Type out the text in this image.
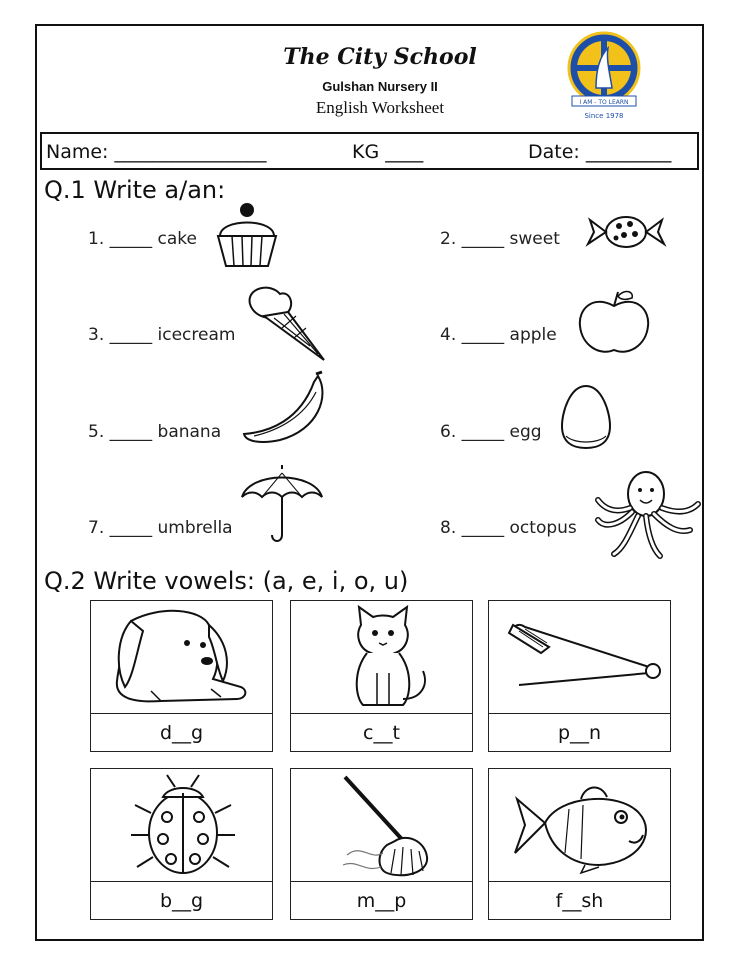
The City School
Gulshan Nursery II
English Worksheet	I AM - TO LEARN
Since 1978
Name: ________________	KG ____	Date: _________
Q.1 Write a/an:
1. _____ cake	2. _____ sweet
3. _____ icecream	4. _____ apple
5. _____ banana	6. _____ egg
7. _____ umbrella	8. _____ octopus
Q.2 Write vowels: (a, e, i, o, u)
d__g	c__t	p__n
b__g	m__p	f__sh
